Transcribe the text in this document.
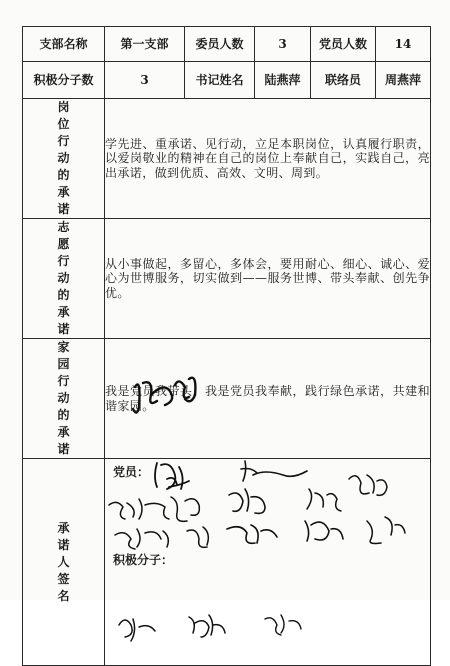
支部名称	第一支部	委员人数	3	党员人数	14
积极分子数	3	书记姓名	陆燕萍	联络员	周燕萍
岗位行动的承诺	学先进、重承诺、见行动，立足本职岗位，认真履行职责，以爱岗敬业的精神在自己的岗位上奉献自己，实践自己，亮出承诺，做到优质、高效、文明、周到。				
志愿行动的承诺	从小事做起，多留心，多体会，要用耐心、细心、诚心、爱心为世博服务，切实做到——服务世博、带头奉献、创先争优。				
家园行动的承诺	我是党员我带头，我是党员我奉献，践行绿色承诺，共建和谐家园。				

承诺人签名	党员：
积极分子：				
